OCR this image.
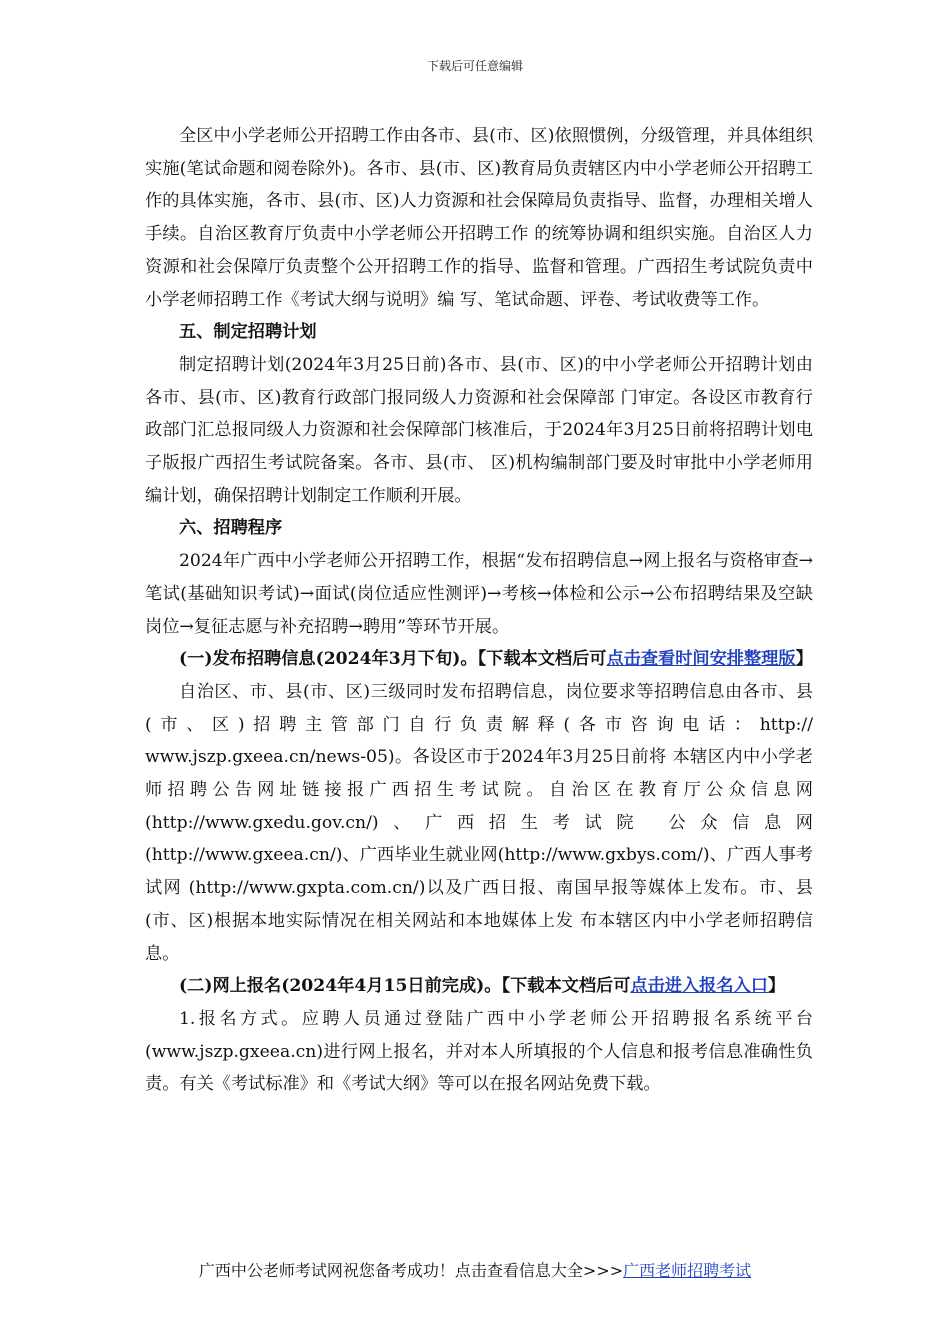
下载后可任意编辑

全区中小学老师公开招聘工作由各市、县(市、区)依照惯例，分级管理，并具体组织实施(笔试命题和阅卷除外)。各市、县(市、区)教育局负责辖区内中小学老师公开招聘工作的具体实施，各市、县(市、区)人力资源和社会保障局负责指导、监督，办理相关增人手续。自治区教育厅负责中小学老师公开招聘工作 的统筹协调和组织实施。自治区人力资源和社会保障厅负责整个公开招聘工作的指导、监督和管理。广西招生考试院负责中小学老师招聘工作《考试大纲与说明》编 写、笔试命题、评卷、考试收费等工作。

五、制定招聘计划

制定招聘计划(2024年3月25日前)各市、县(市、区)的中小学老师公开招聘计划由各市、县(市、区)教育行政部门报同级人力资源和社会保障部 门审定。各设区市教育行政部门汇总报同级人力资源和社会保障部门核准后，于2024年3月25日前将招聘计划电子版报广西招生考试院备案。各市、县(市、 区)机构编制部门要及时审批中小学老师用编计划，确保招聘计划制定工作顺利开展。

六、招聘程序

2024年广西中小学老师公开招聘工作，根据“发布招聘信息→网上报名与资格审查→笔试(基础知识考试)→面试(岗位适应性测评)→考核→体检和公示→公布招聘结果及空缺岗位→复征志愿与补充招聘→聘用”等环节开展。

(一)发布招聘信息(2024年3月下旬)。【下载本文档后可点击查看时间安排整理版】

自治区、市、县(市、区)三级同时发布招聘信息，岗位要求等招聘信息由各市、县(市、区)招聘主管部门自行负责解释(各市咨询电话：http:// www.jszp.gxeea.cn/news-05)。各设区市于2024年3月25日前将 本辖区内中小学老师招聘公告网址链接报广西招生考试院。自治区在教育厅公众信息网(http://www.gxedu.gov.cn/)、广西招生考试院 公众信息网(http://www.gxeea.cn/)、广西毕业生就业网(http://www.gxbys.com/)、广西人事考试网 (http://www.gxpta.com.cn/)以及广西日报、南国早报等媒体上发布。市、县(市、区)根据本地实际情况在相关网站和本地媒体上发 布本辖区内中小学老师招聘信息。

(二)网上报名(2024年4月15日前完成)。【下载本文档后可点击进入报名入口】

1.报名方式。应聘人员通过登陆广西中小学老师公开招聘报名系统平台(www.jszp.gxeea.cn)进行网上报名，并对本人所填报的个人信息和报考信息准确性负责。有关《考试标准》和《考试大纲》等可以在报名网站免费下载。

广西中公老师考试网祝您备考成功！点击查看信息大全>>>广西老师招聘考试
